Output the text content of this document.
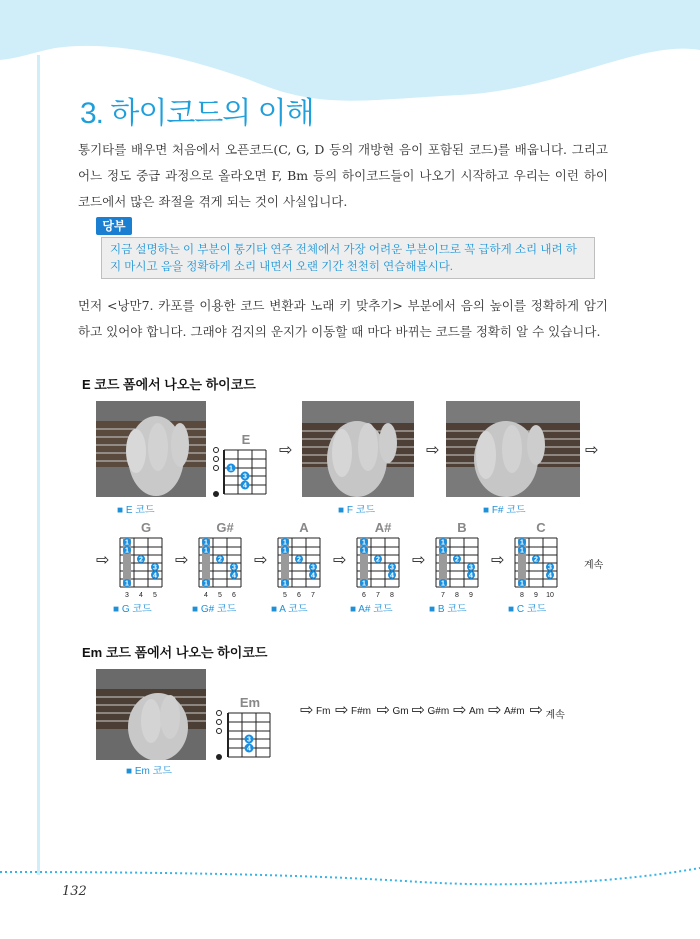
3. 하이코드의 이해

통기타를 배우면 처음에서 오픈코드(C, G, D 등의 개방현 음이 포함된 코드)를 배웁니다. 그리고 어느 정도 중급 과정으로 올라오면 F, Bm 등의 하이코드들이 나오기 시작하고 우리는 이런 하이코드에서 많은 좌절을 겪게 되는 것이 사실입니다.

당부
지금 설명하는 이 부분이 통기타 연주 전체에서 가장 어려운 부분이므로 꼭 급하게 소리 내려 하지 마시고 음을 정확하게 소리 내면서 오랜 기간 천천히 연습해봅시다.

먼저 <낭만7. 카포를 이용한 코드 변환과 노래 키 맞추기> 부분에서 음의 높이를 정확하게 암기하고 있어야 합니다. 그래야 검지의 운지가 이동할 때 마다 바뀌는 코드를 정확히 알 수 있습니다.

E 코드 폼에서 나오는 하이코드
■ E 코드
E
1
3
4
⇨
■ F 코드
⇨
■ F# 코드
⇨
⇨
G
1
1
2
3
4
1
3 4 5
■ G 코드
⇨
G#
1
1
2
3
4
1
4 5 6
■ G# 코드
⇨
A
1
1
2
3
4
1
5 6 7
■ A 코드
⇨
A#
1
1
2
3
4
1
6 7 8
■ A# 코드
⇨
B
1
1
2
3
4
1
7 8 9
■ B 코드
⇨
C
1
1
2
3
4
1
8 9 10
■ C 코드
계속
Em 코드 폼에서 나오는 하이코드
■ Em 코드
Em
3
4
⇨ Fm ⇨ F#m ⇨ Gm ⇨ G#m ⇨ Am ⇨ A#m ⇨ 계속
132
